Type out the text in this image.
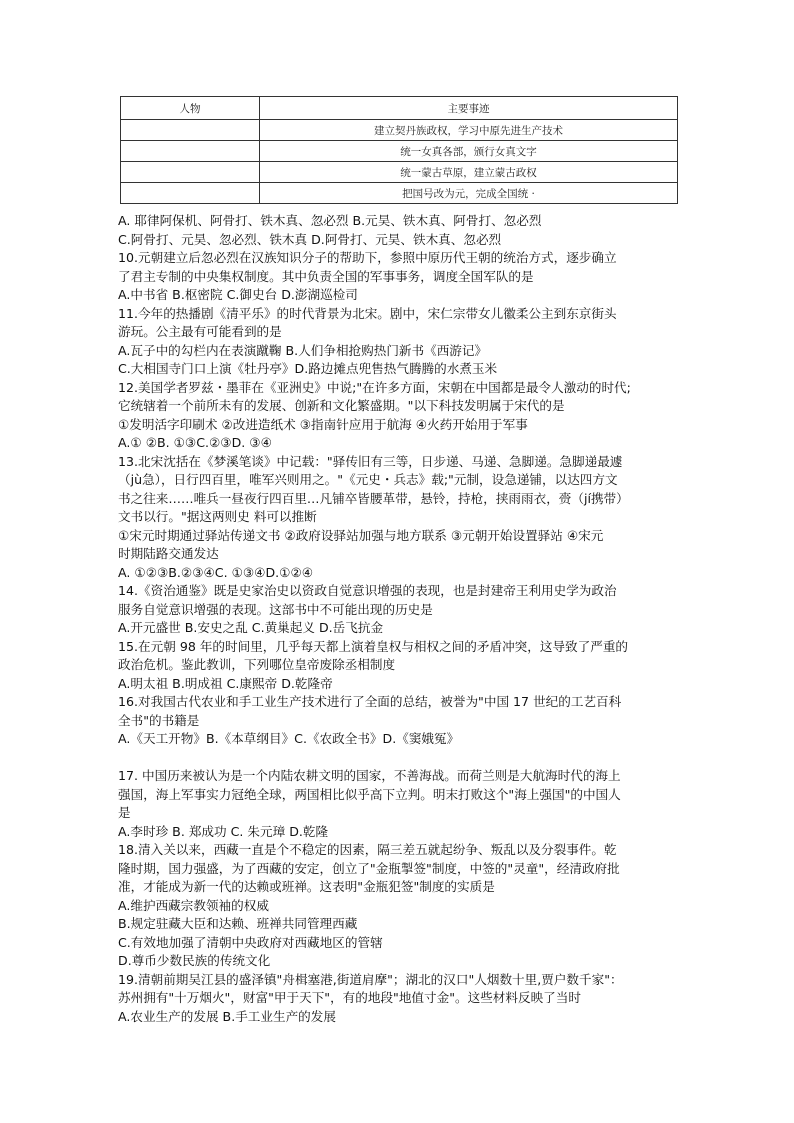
人物	主要事迹
	建立契丹族政权，学习中原先进生产技术
	统一女真各部，颁行女真文字
	统一蒙古草原，建立蒙古政权
	把国号改为元，完成全国统 ·
A. 耶律阿保机、阿骨打、铁木真、忽必烈 B.元昊、铁木真、阿骨打、忽必烈
C.阿骨打、元昊、忽必烈、铁木真 D.阿骨打、元昊、铁木真、忽必烈
10.元朝建立后忽必烈在汉族知识分子的帮助下，参照中原历代王朝的统治方式，逐步确立
了君主专制的中央集权制度。其中负责全国的军事事务，调度全国军队的是
A.中书省 B.枢密院 C.御史台 D.澎湖巡检司
11.今年的热播剧《清平乐》的时代背景为北宋。剧中，宋仁宗带女儿徽柔公主到东京街头
游玩。公主最有可能看到的是
A.瓦子中的勾栏内在表演蹴鞠 B.人们争相抢购热门新书《西游记》
C.大相国寺门口上演《牡丹亭》D.路边摊点兜售热气腾腾的水煮玉米
12.美国学者罗兹・墨菲在《亚洲史》中说;"在许多方面，宋朝在中国都是最令人激动的时代;
它统辖着一个前所未有的发展、创新和文化繁盛期。"以下科技发明属于宋代的是
①发明活字印刷术 ②改进造纸术 ③指南针应用于航海 ④火药开始用于军事
A.① ②B. ①③C.②③D. ③④
13.北宋沈括在《梦溪笔谈》中记载："驿传旧有三等，日步递、马递、急脚递。急脚递最遽
（jù急），日行四百里，唯军兴则用之。"《元史・兵志》载;"元制，设急递铺，以达四方文
书之往来……唯兵一昼夜行四百里…凡铺卒皆腰革带，悬铃，持枪，挟雨雨衣，赍（jí携带）
文书以行。"据这两则史 料可以推断
①宋元时期通过驿站传递文书 ②政府设驿站加强与地方联系 ③元朝开始设置驿站 ④宋元
时期陆路交通发达
A. ①②③B.②③④C. ①③④D.①②④
14.《资治通鉴》既是史家治史以资政自觉意识增强的表现，也是封建帝王利用史学为政治
服务自觉意识增强的表现。这部书中不可能出现的历史是
A.开元盛世 B.安史之乱 C.黄巢起义 D.岳飞抗金
15.在元朝 98 年的时间里，几乎每天都上演着皇权与相权之间的矛盾冲突，这导致了严重的
政治危机。鉴此教训，下列哪位皇帝废除丞相制度
A.明太祖 B.明成祖 C.康熙帝 D.乾隆帝
16.对我国古代农业和手工业生产技术进行了全面的总结，被誉为"中国 17 世纪的工艺百科
全书"的书籍是
A.《天工开物》B.《本草纲目》C.《农政全书》D.《窦娥冤》
17. 中国历来被认为是一个内陆农耕文明的国家，不善海战。而荷兰则是大航海时代的海上
强国，海上军事实力冠绝全球，两国相比似乎高下立判。明末打败这个"海上强国"的中国人
是
A.李时珍 B. 郑成功 C. 朱元璋 D.乾隆
18.清入关以来，西藏一直是个不稳定的因素，隔三差五就起纷争、叛乱以及分裂事件。乾
隆时期，国力强盛，为了西藏的安定，创立了"金瓶掣签"制度，中签的"灵童"，经清政府批
准，才能成为新一代的达赖或班禅。这表明"金瓶犯签"制度的实质是
A.维护西藏宗教领袖的权威
B.规定驻藏大臣和达赖、班禅共同管理西藏
C.有效地加强了清朝中央政府对西藏地区的管辖
D.尊币少数民族的传统文化
19.清朝前期吴江县的盛泽镇"舟楫塞港,街道肩摩"；湖北的汉口"人烟数十里,贾户数千家"：
苏州拥有"十万烟火"，财富"甲于天下"，有的地段"地值寸金"。这些材料反映了当时
A.农业生产的发展 B.手工业生产的发展
